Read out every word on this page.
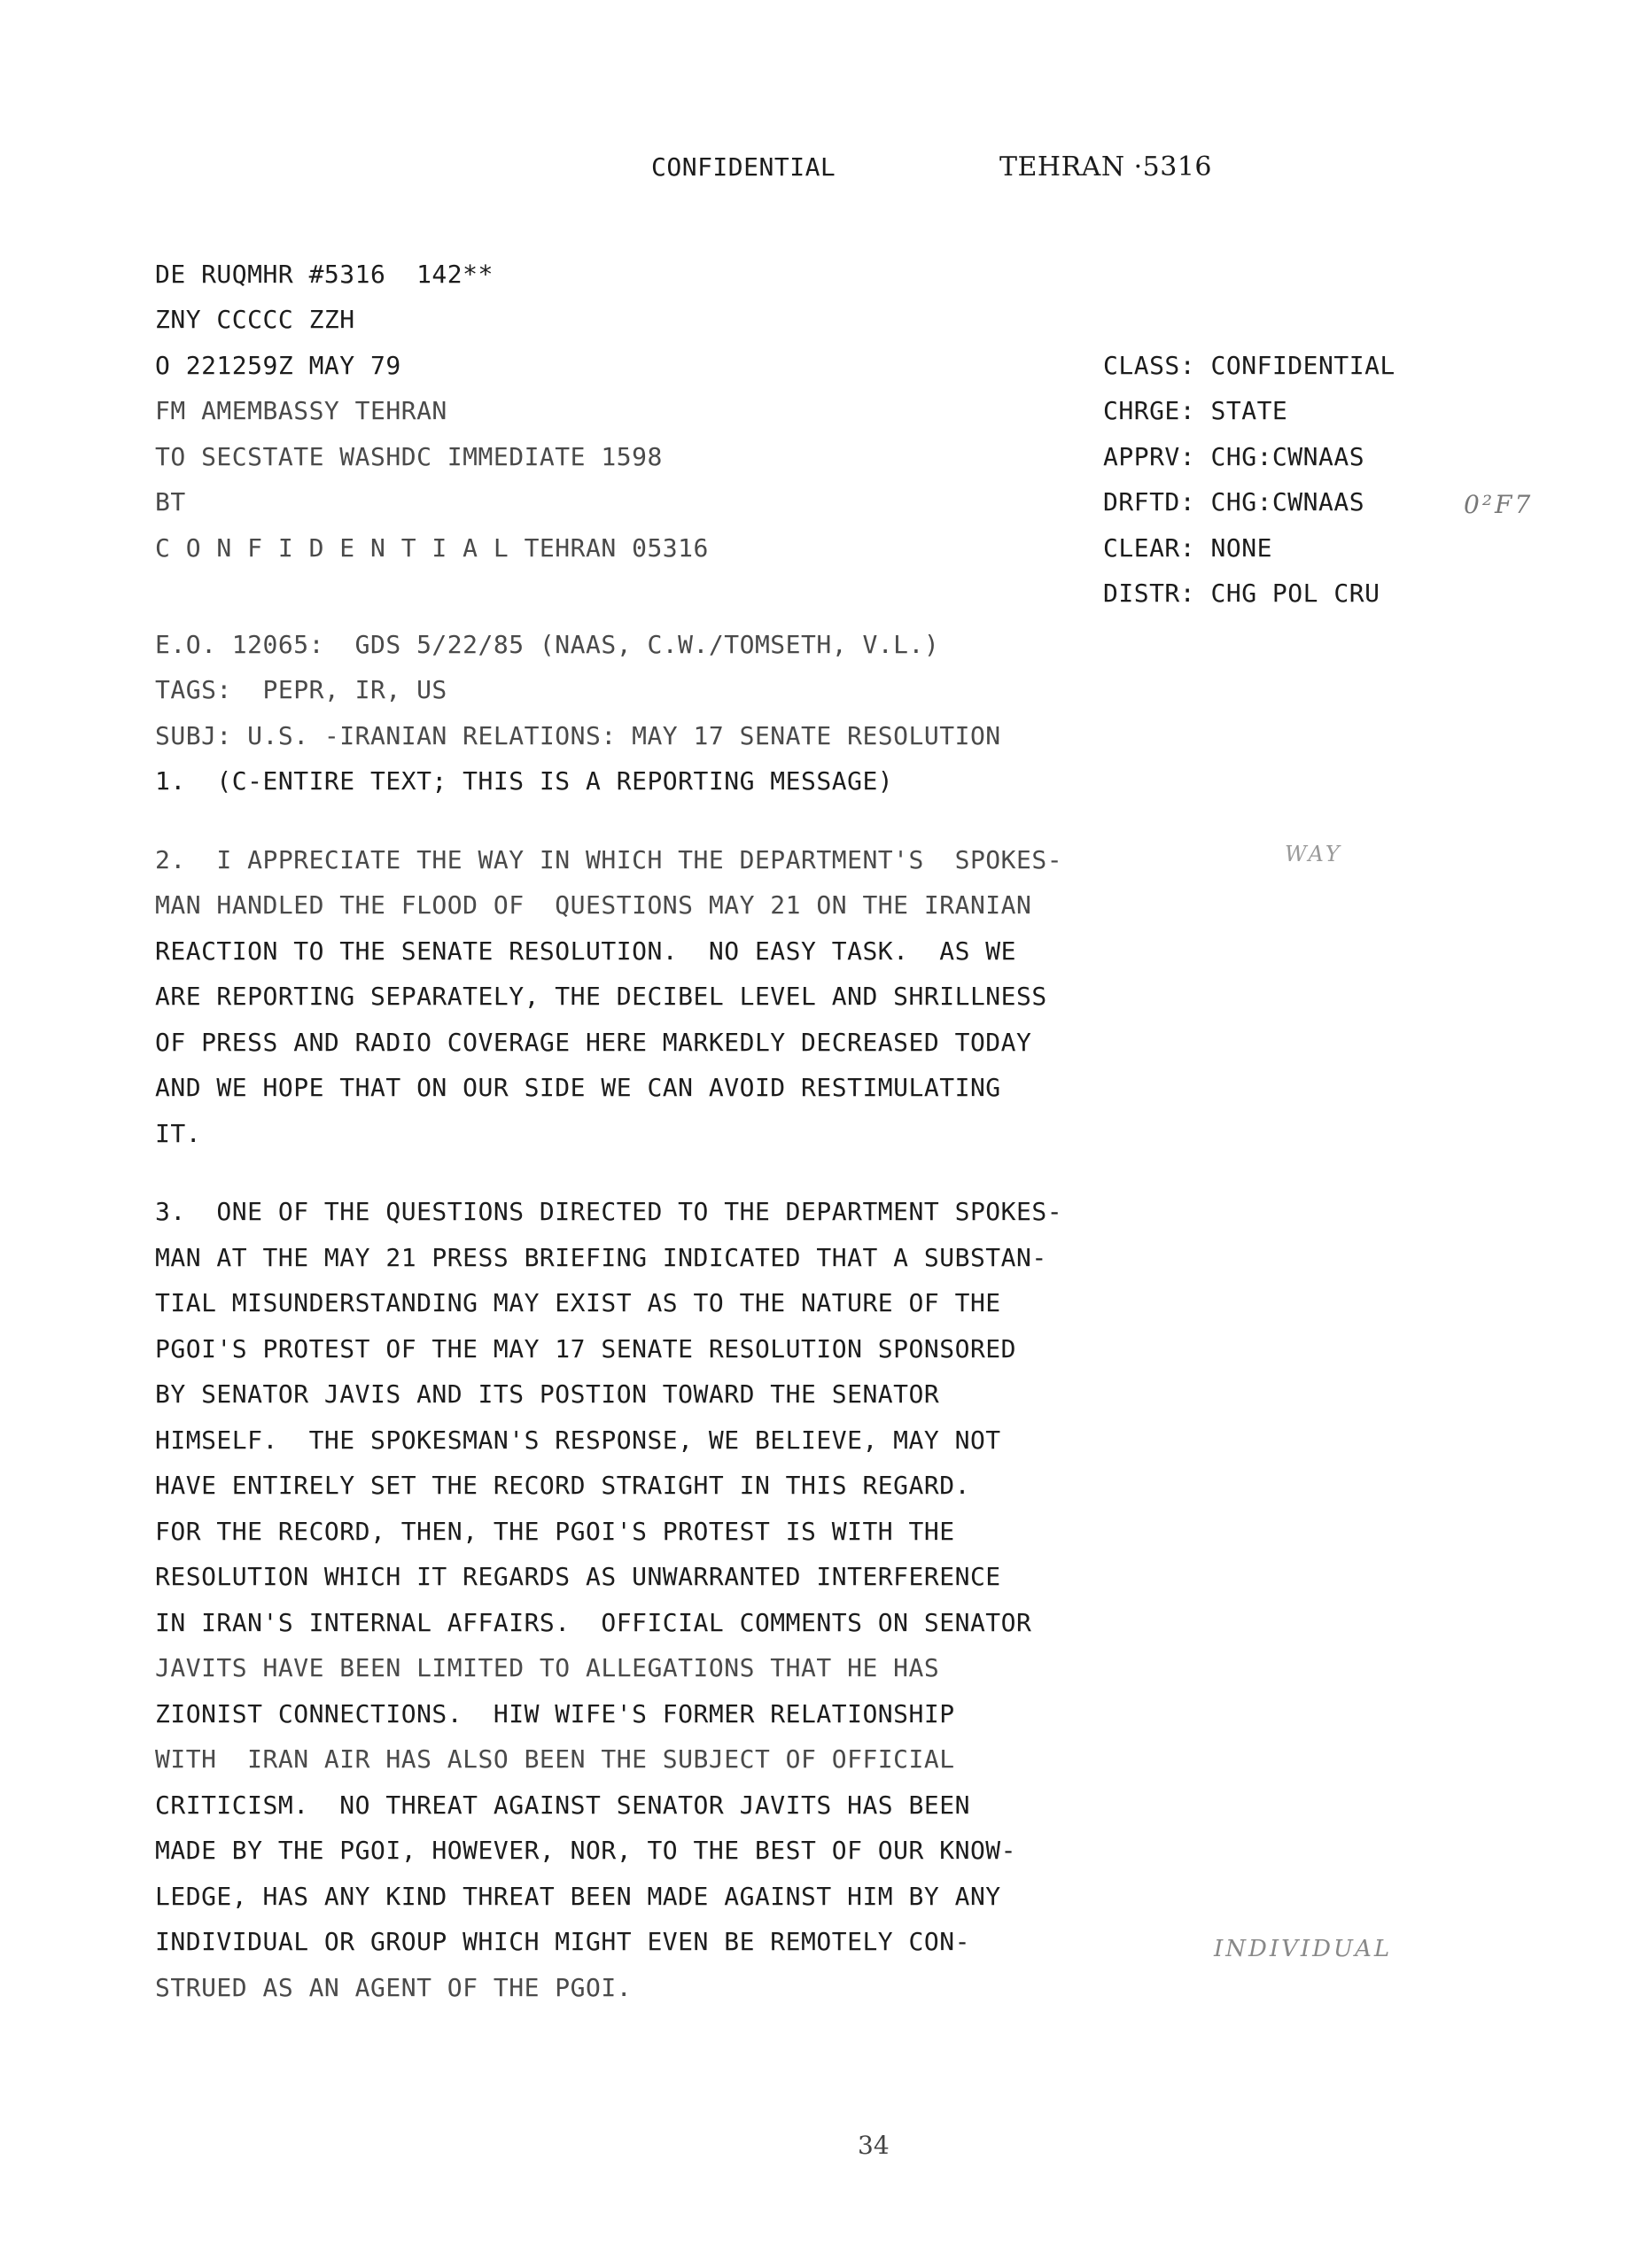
CONFIDENTIAL	TEHRAN ·5316
DE RUQMHR #5316  142**
ZNY CCCCC ZZH
O 221259Z MAY 79
FM AMEMBASSY TEHRAN
TO SECSTATE WASHDC IMMEDIATE 1598
BT
C O N F I D E N T I A L TEHRAN 05316
CLASS: CONFIDENTIAL
CHRGE: STATE
APPRV: CHG:CWNAAS
DRFTD: CHG:CWNAAS
CLEAR: NONE
DISTR: CHG POL CRU
0²F7
WAY
INDIVIDUAL
E.O. 12065:  GDS 5/22/85 (NAAS, C.W./TOMSETH, V.L.)
TAGS:  PEPR, IR, US
SUBJ: U.S. -IRANIAN RELATIONS: MAY 17 SENATE RESOLUTION
1.  (C-ENTIRE TEXT; THIS IS A REPORTING MESSAGE)
2.  I APPRECIATE THE WAY IN WHICH THE DEPARTMENT'S  SPOKES-
MAN HANDLED THE FLOOD OF  QUESTIONS MAY 21 ON THE IRANIAN
REACTION TO THE SENATE RESOLUTION.  NO EASY TASK.  AS WE
ARE REPORTING SEPARATELY, THE DECIBEL LEVEL AND SHRILLNESS
OF PRESS AND RADIO COVERAGE HERE MARKEDLY DECREASED TODAY
AND WE HOPE THAT ON OUR SIDE WE CAN AVOID RESTIMULATING
IT.
3.  ONE OF THE QUESTIONS DIRECTED TO THE DEPARTMENT SPOKES-
MAN AT THE MAY 21 PRESS BRIEFING INDICATED THAT A SUBSTAN-
TIAL MISUNDERSTANDING MAY EXIST AS TO THE NATURE OF THE
PGOI'S PROTEST OF THE MAY 17 SENATE RESOLUTION SPONSORED
BY SENATOR JAVIS AND ITS POSTION TOWARD THE SENATOR
HIMSELF.  THE SPOKESMAN'S RESPONSE, WE BELIEVE, MAY NOT
HAVE ENTIRELY SET THE RECORD STRAIGHT IN THIS REGARD.
FOR THE RECORD, THEN, THE PGOI'S PROTEST IS WITH THE
RESOLUTION WHICH IT REGARDS AS UNWARRANTED INTERFERENCE
IN IRAN'S INTERNAL AFFAIRS.  OFFICIAL COMMENTS ON SENATOR
JAVITS HAVE BEEN LIMITED TO ALLEGATIONS THAT HE HAS
ZIONIST CONNECTIONS.  HIW WIFE'S FORMER RELATIONSHIP
WITH  IRAN AIR HAS ALSO BEEN THE SUBJECT OF OFFICIAL
CRITICISM.  NO THREAT AGAINST SENATOR JAVITS HAS BEEN
MADE BY THE PGOI, HOWEVER, NOR, TO THE BEST OF OUR KNOW-
LEDGE, HAS ANY KIND THREAT BEEN MADE AGAINST HIM BY ANY
INDIVIDUAL OR GROUP WHICH MIGHT EVEN BE REMOTELY CON-
STRUED AS AN AGENT OF THE PGOI.
34
